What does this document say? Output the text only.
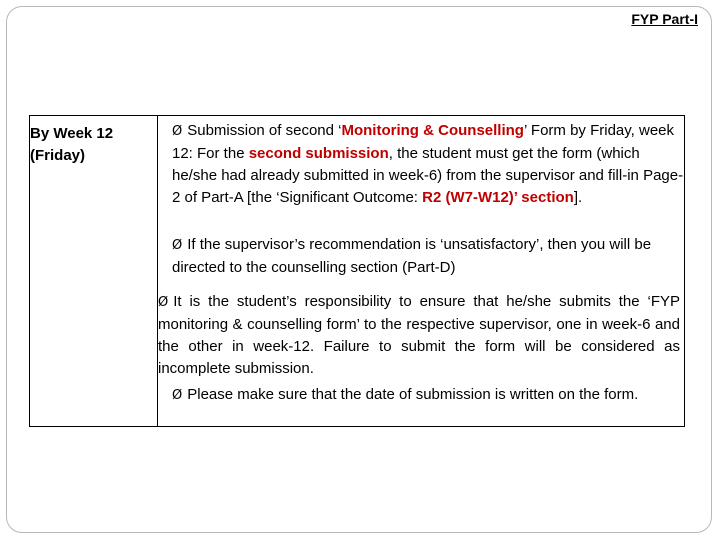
FYP Part-I
By Week 12
(Friday)
Ø Submission of second ‘Monitoring & Counselling’ Form by Friday, week 12: For the second submission, the student must get the form (which he/she had already submitted in week-6) from the supervisor and fill-in Page-2 of Part-A [the ‘Significant Outcome: R2 (W7-W12)’ section].
Ø If the supervisor’s recommendation is ‘unsatisfactory’, then you will be directed to the counselling section (Part-D)
Ø It is the student’s responsibility to ensure that he/she submits the ‘FYP monitoring & counselling form’ to the respective supervisor, one in week-6 and the other in week-12. Failure to submit the form will be considered as incomplete submission.
Ø Please make sure that the date of submission is written on the form.
